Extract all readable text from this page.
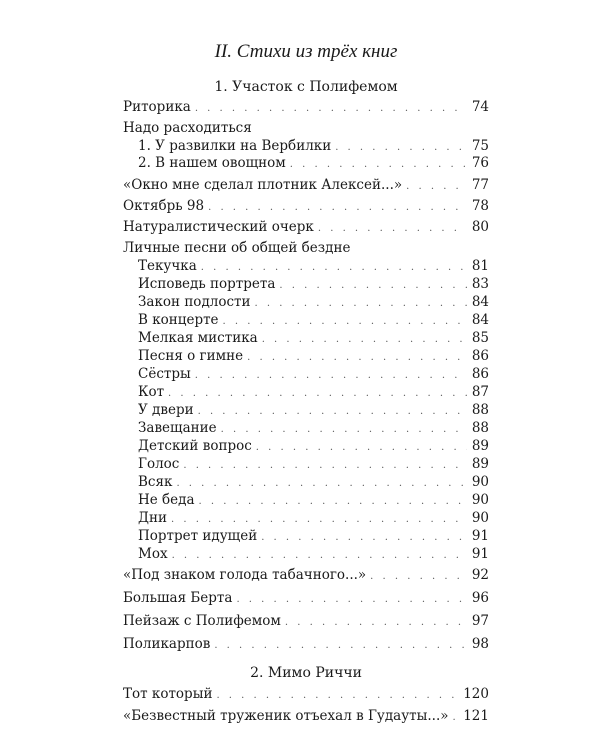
II. Стихи из трёх книг
1. Участок с Полифемом
Риторика . . .	74
Надо расходиться
1. У развилки на Вербилки . . .	75
2. В нашем овощном . . .	76
«Окно мне сделал плотник Алексей...» . . .	77
Октябрь 98 . . .	78
Натуралистический очерк . . .	80
Личные песни об общей бездне
Текучка . . .	81
Исповедь портрета . . .	83
Закон подлости . . .	84
В концерте . . .	84
Мелкая мистика . . .	85
Песня о гимне . . .	86
Сёстры . . .	86
Кот . . .	87
У двери . . .	88
Завещание . . .	88
Детский вопрос . . .	89
Голос . . .	89
Всяк . . .	90
Не беда . . .	90
Дни . . .	90
Портрет идущей . . .	91
Мох . . .	91
«Под знаком голода табачного...» . . .	92
Большая Берта . . .	96
Пейзаж с Полифемом . . .	97
Поликарпов . . .	98
2. Мимо Риччи
Тот который . . .	120
«Безвестный труженик отъехал в Гудауты...» . . . 121
